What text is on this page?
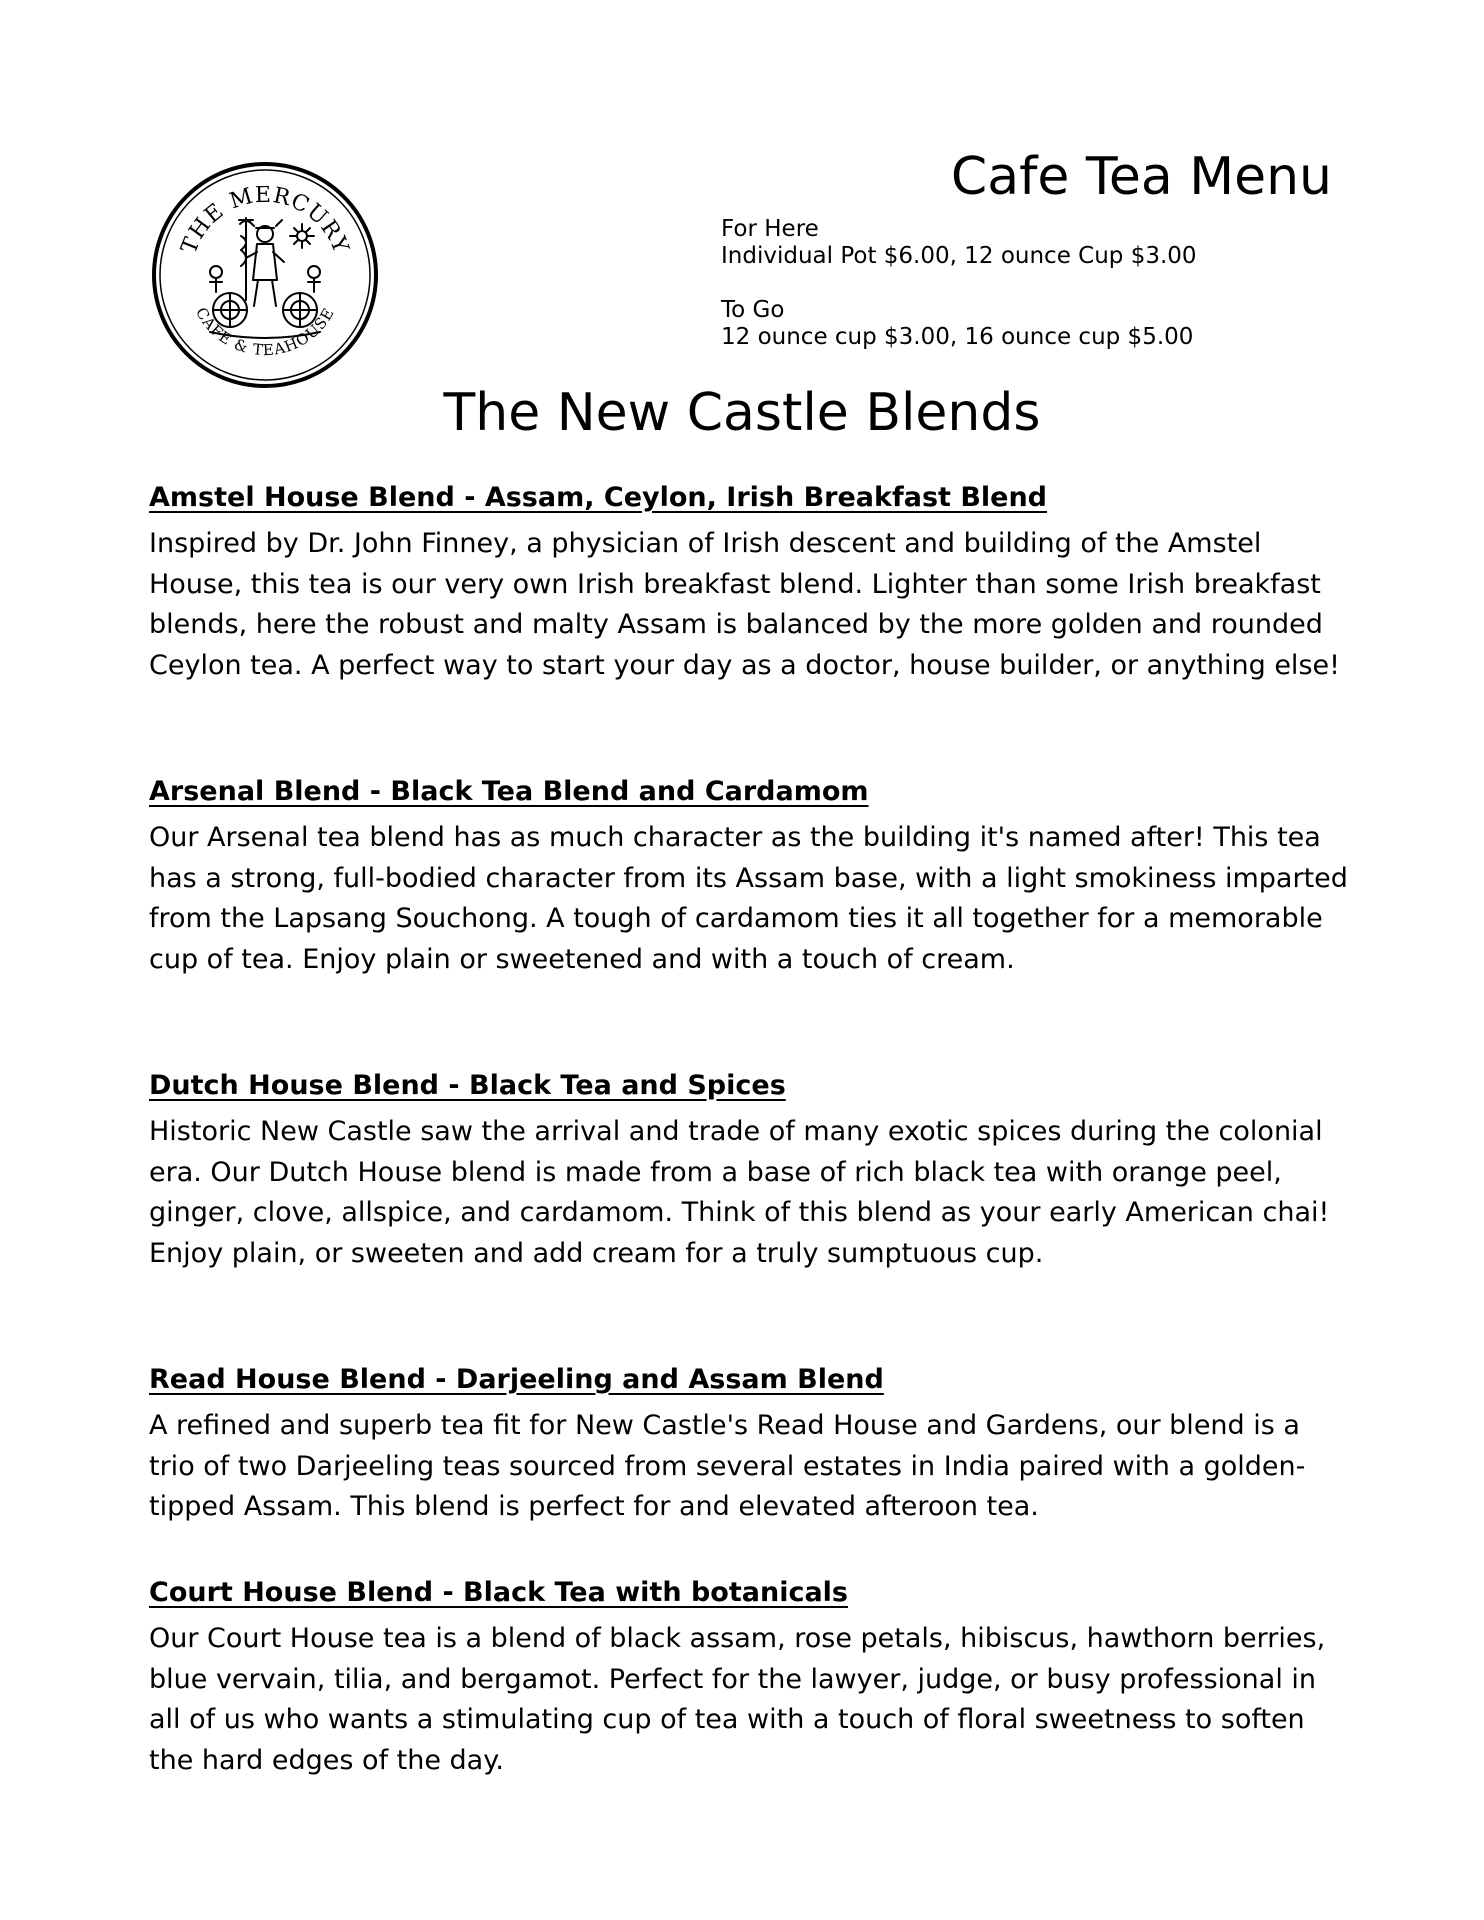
THE MERCURY
CAFE & TEAHOUSE
Cafe Tea Menu
For Here
Individual Pot $6.00, 12 ounce Cup $3.00
To Go
12 ounce cup $3.00, 16 ounce cup $5.00
The New Castle Blends

Amstel House Blend - Assam, Ceylon, Irish Breakfast Blend

Inspired by Dr. John Finney, a physician of Irish descent and building of the Amstel House, this tea is our very own Irish breakfast blend. Lighter than some Irish breakfast blends, here the robust and malty Assam is balanced by the more golden and rounded Ceylon tea. A perfect way to start your day as a doctor, house builder, or anything else!

Arsenal Blend - Black Tea Blend and Cardamom

Our Arsenal tea blend has as much character as the building it's named after! This tea has a strong, full-bodied character from its Assam base, with a light smokiness imparted from the Lapsang Souchong. A tough of cardamom ties it all together for a memorable cup of tea. Enjoy plain or sweetened and with a touch of cream.

Dutch House Blend - Black Tea and Spices

Historic New Castle saw the arrival and trade of many exotic spices during the colonial era. Our Dutch House blend is made from a base of rich black tea with orange peel, ginger, clove, allspice, and cardamom. Think of this blend as your early American chai! Enjoy plain, or sweeten and add cream for a truly sumptuous cup.

Read House Blend - Darjeeling and Assam Blend

A refined and superb tea fit for New Castle's Read House and Gardens, our blend is a trio of two Darjeeling teas sourced from several estates in India paired with a golden-tipped Assam. This blend is perfect for and elevated afteroon tea.

Court House Blend - Black Tea with botanicals

Our Court House tea is a blend of black assam, rose petals, hibiscus, hawthorn berries, blue vervain, tilia, and bergamot. Perfect for the lawyer, judge, or busy professional in all of us who wants a stimulating cup of tea with a touch of floral sweetness to soften the hard edges of the day.
